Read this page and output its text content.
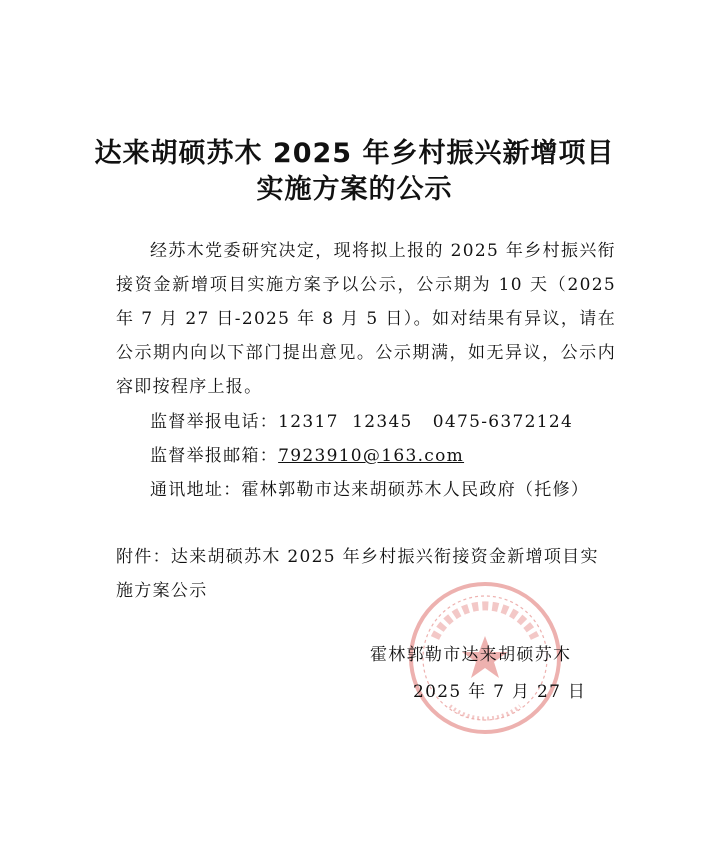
达来胡硕苏木 2025 年乡村振兴新增项目
实施方案的公示
经苏木党委研究决定，现将拟上报的 2025 年乡村振兴衔接资金新增项目实施方案予以公示，公示期为 10 天（2025 年 7 月 27 日-2025 年 8 月 5 日）。如对结果有异议，请在公示期内向以下部门提出意见。公示期满，如无异议，公示内容即按程序上报。
监督举报电话：12317  12345   0475-6372124
监督举报邮箱：7923910@163.com
通讯地址：霍林郭勒市达来胡硕苏木人民政府（托修）
附件：达来胡硕苏木 2025 年乡村振兴衔接资金新增项目实施方案公示
霍林郭勒市达来胡硕苏木
2025 年 7 月 27 日
